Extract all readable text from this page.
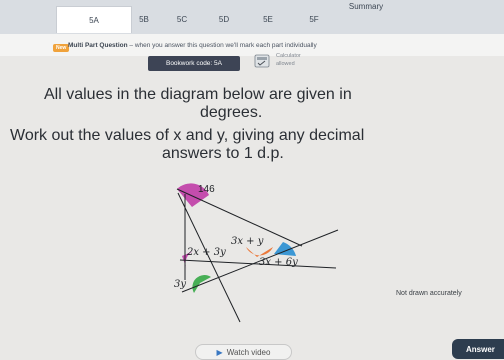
5A	5B	5C	5D	5E	5F
Summary
New Multi Part Question – when you answer this question we'll mark each part individually
Bookwork code: 5A
Calculator
allowed
All values in the diagram below are given in
degrees.
Work out the values of x and y, giving any decimal
answers to 1 d.p.
146
3x + y
2x + 3y
3x + 6y
3y
Not drawn accurately
▶ Watch video	Answer
